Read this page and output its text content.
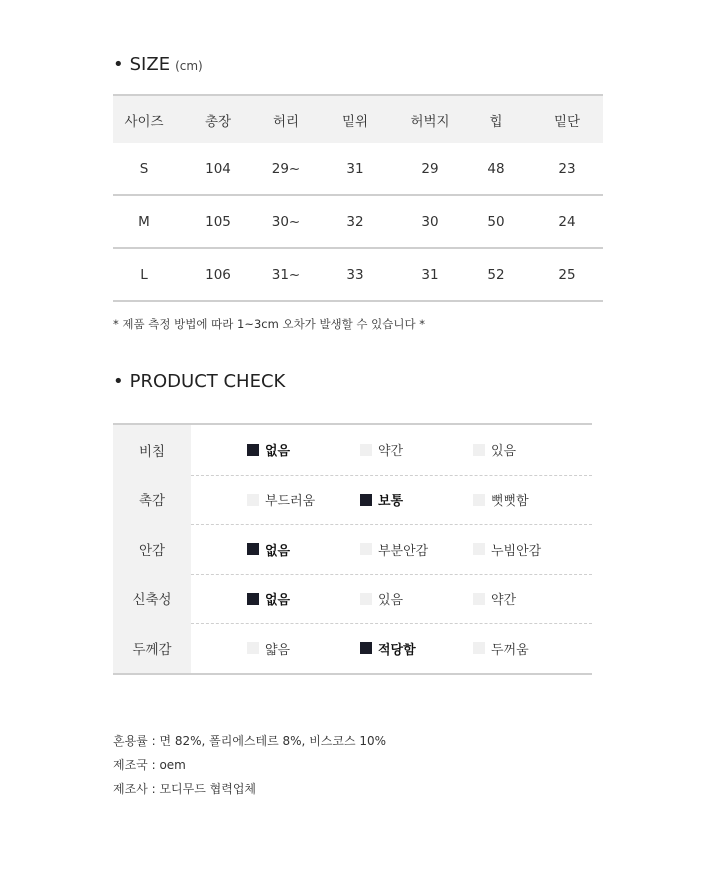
• SIZE (cm)
사이즈	총장	허리	밑위	허벅지	힙	밑단
S	104	29~	31	29	48	23
M	105	30~	32	30	50	24
L	106	31~	33	31	52	25
* 제품 측정 방법에 따라 1~3cm 오차가 발생할 수 있습니다 *
• PRODUCT CHECK
비침	없음	약간	있음
촉감	부드러움	보통	뻣뻣함
안감	없음	부분안감	누빔안감
신축성	없음	있음	약간
두께감	얇음	적당함	두꺼움
혼용률 : 면 82%, 폴리에스테르 8%, 비스코스 10%
제조국 : oem
제조사 : 모디무드 협력업체
